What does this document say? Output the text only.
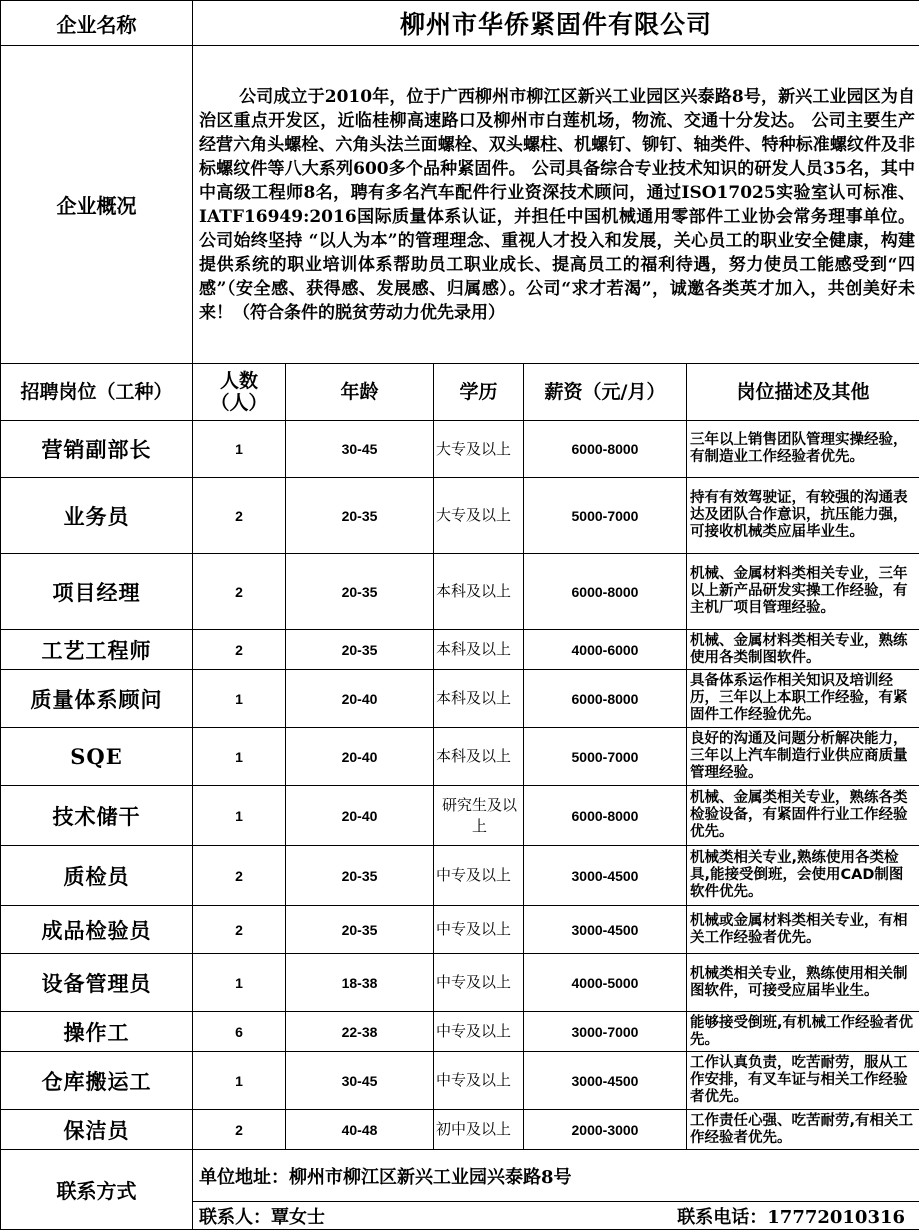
企业名称	柳州市华侨紧固件有限公司				
企业概况	公司成立于2010年，位于广西柳州市柳江区新兴工业园区兴泰路8号，新兴工业园区为自治区重点开发区，近临桂柳高速路口及柳州市白莲机场，物流、交通十分发达。 公司主要生产经营六角头螺栓、六角头法兰面螺栓、双头螺柱、机螺钉、铆钉、轴类件、特种标准螺纹件及非标螺纹件等八大系列600多个品种紧固件。 公司具备综合专业技术知识的研发人员35名，其中中高级工程师8名，聘有多名汽车配件行业资深技术顾问，通过ISO17025实验室认可标准、IATF16949:2016国际质量体系认证，并担任中国机械通用零部件工业协会常务理事单位。公司始终坚持 “以人为本”的管理理念、重视人才投入和发展，关心员工的职业安全健康，构建提供系统的职业培训体系帮助员工职业成长、提高员工的福利待遇，努力使员工能感受到“四感”（安全感、获得感、发展感、归属感）。公司“求才若渴”，诚邀各类英才加入，共创美好未来！（符合条件的脱贫劳动力优先录用）				
招聘岗位（工种）	人数（人）	年龄	学历	薪资（元/月）	岗位描述及其他
营销副部长	1	30-45	大专及以上	6000-8000	三年以上销售团队管理实操经验，有制造业工作经验者优先。
业务员	2	20-35	大专及以上	5000-7000	持有有效驾驶证，有较强的沟通表达及团队合作意识，抗压能力强，可接收机械类应届毕业生。
项目经理	2	20-35	本科及以上	6000-8000	机械、金属材料类相关专业，三年以上新产品研发实操工作经验，有主机厂项目管理经验。
工艺工程师	2	20-35	本科及以上	4000-6000	机械、金属材料类相关专业，熟练使用各类制图软件。
质量体系顾问	1	20-40	本科及以上	6000-8000	具备体系运作相关知识及培训经历，三年以上本职工作经验，有紧固件工作经验优先。
SQE	1	20-40	本科及以上	5000-7000	良好的沟通及问题分析解决能力，三年以上汽车制造行业供应商质量管理经验。
技术储干	1	20-40	研究生及以上	6000-8000	机械、金属类相关专业，熟练各类检验设备，有紧固件行业工作经验优先。
质检员	2	20-35	中专及以上	3000-4500	机械类相关专业,熟练使用各类检具,能接受倒班，会使用CAD制图软件优先。
成品检验员	2	20-35	中专及以上	3000-4500	机械或金属材料类相关专业，有相关工作经验者优先。
设备管理员	1	18-38	中专及以上	4000-5000	机械类相关专业，熟练使用相关制图软件，可接受应届毕业生。
操作工	6	22-38	中专及以上	3000-7000	能够接受倒班,有机械工作经验者优先。
仓库搬运工	1	30-45	中专及以上	3000-4500	工作认真负责，吃苦耐劳，服从工作安排，有叉车证与相关工作经验者优先。
保洁员	2	40-48	初中及以上	2000-3000	工作责任心强、吃苦耐劳,有相关工作经验者优先。
联系方式	单位地址：柳州市柳江区新兴工业园兴泰路8号				

	联系人：覃女士 联系电话：17772010316				
